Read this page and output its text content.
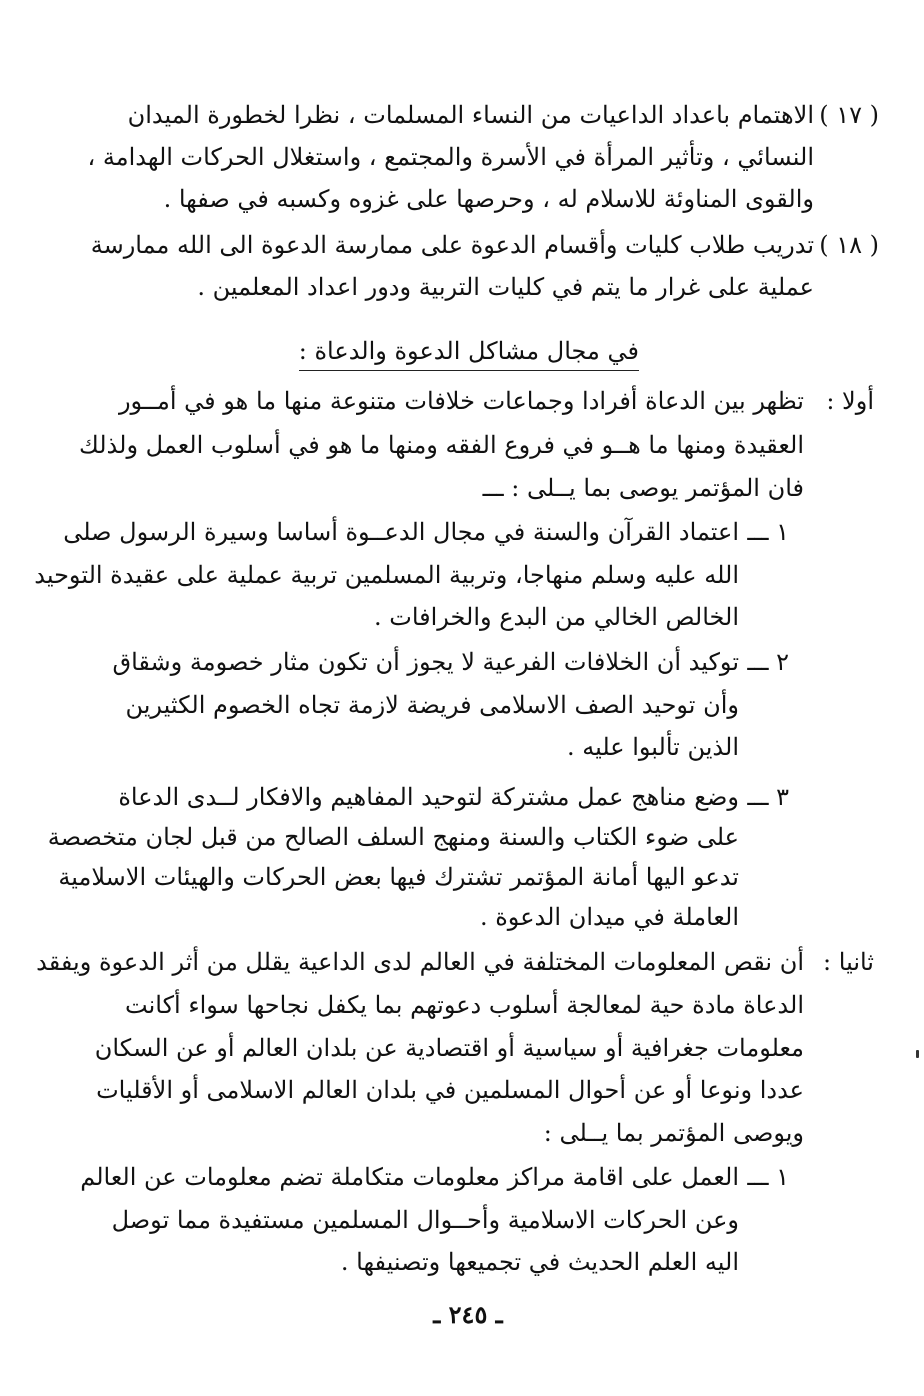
( ١٧ )
الاهتمام باعداد الداعيات من النساء المسلمات ، نظرا لخطورة الميدان
النسائي ، وتأثير المرأة في الأسرة والمجتمع ، واستغلال الحركات الهدامة ،
والقوى المناوئة للاسلام له ، وحرصها على غزوه وكسبه في صفها .
( ١٨ )
تدريب طلاب كليات وأقسام الدعوة على ممارسة الدعوة الى الله ممارسة
عملية على غرار ما يتم في كليات التربية ودور اعداد المعلمين .
في مجال مشاكل الدعوة والدعاة :
أولا :
تظهر بين الدعاة أفرادا وجماعات خلافات متنوعة منها ما هو في أمــور
العقيدة ومنها ما هــو في فروع الفقه ومنها ما هو في أسلوب العمل ولذلك
فان المؤتمر يوصى بما يــلى : ـــ
١ ـــ
اعتماد القرآن والسنة في مجال الدعــوة أساسا وسيرة الرسول صلى
الله عليه وسلم منهاجا، وتربية المسلمين تربية عملية على عقيدة التوحيد
الخالص الخالي من البدع والخرافات .
٢ ـــ
توكيد أن الخلافات الفرعية لا يجوز أن تكون مثار خصومة وشقاق
وأن توحيد الصف الاسلامى فريضة لازمة تجاه الخصوم الكثيرين
الذين تألبوا عليه .
٣ ـــ
وضع مناهج عمل مشتركة لتوحيد المفاهيم والافكار لــدى الدعاة
على ضوء الكتاب والسنة ومنهج السلف الصالح من قبل لجان متخصصة
تدعو اليها أمانة المؤتمر تشترك فيها بعض الحركات والهيئات الاسلامية
العاملة في ميدان الدعوة .
ثانيا :
أن نقص المعلومات المختلفة في العالم لدى الداعية يقلل من أثر الدعوة ويفقد
الدعاة مادة حية لمعالجة أسلوب دعوتهم بما يكفل نجاحها سواء أكانت
معلومات جغرافية أو سياسية أو اقتصادية عن بلدان العالم أو عن السكان
عددا ونوعا أو عن أحوال المسلمين في بلدان العالم الاسلامى أو الأقليات
ويوصى المؤتمر بما يــلى :
١ ـــ
العمل على اقامة مراكز معلومات متكاملة تضم معلومات عن العالم
وعن الحركات الاسلامية وأحــوال المسلمين مستفيدة مما توصل
اليه العلم الحديث في تجميعها وتصنيفها .
ـ ٢٤٥ ـ
